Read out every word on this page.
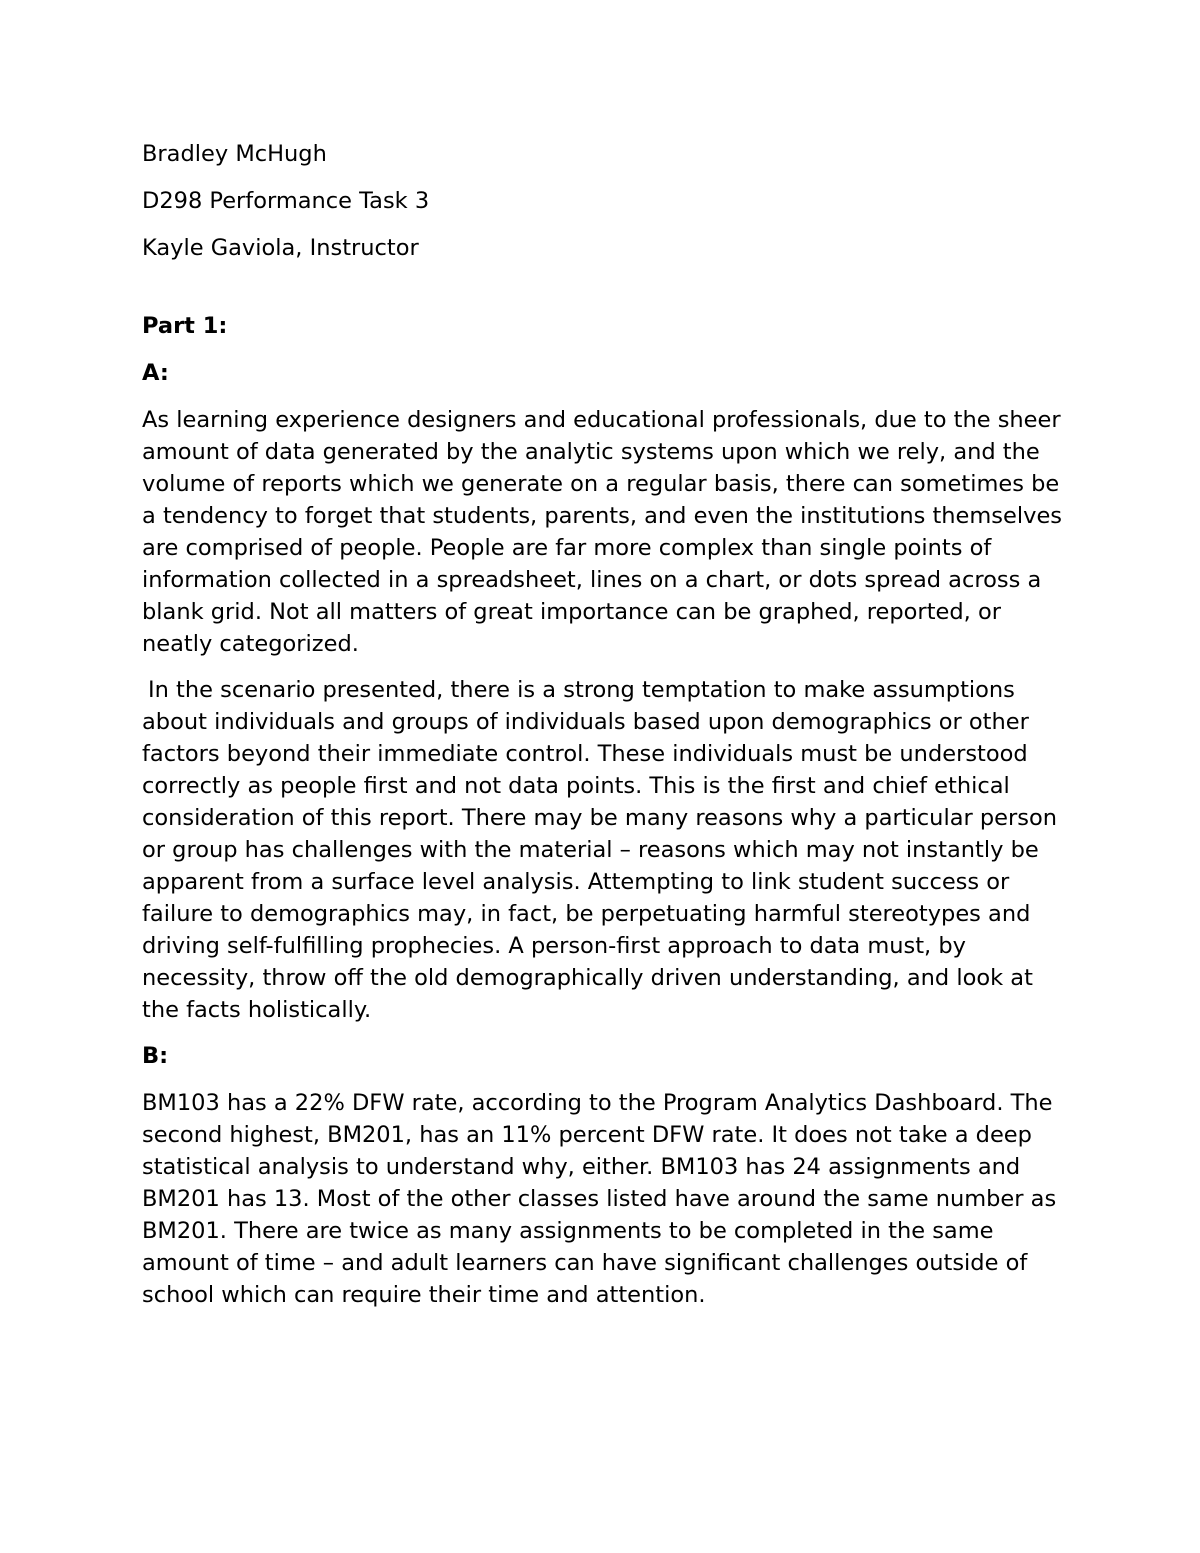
Bradley McHugh

D298 Performance Task 3

Kayle Gaviola, Instructor

Part 1:

A:

As learning experience designers and educational professionals, due to the sheer amount of data generated by the analytic systems upon which we rely, and the volume of reports which we generate on a regular basis, there can sometimes be a tendency to forget that students, parents, and even the institutions themselves are comprised of people. People are far more complex than single points of information collected in a spreadsheet, lines on a chart, or dots spread across a blank grid. Not all matters of great importance can be graphed, reported, or neatly categorized.

In the scenario presented, there is a strong temptation to make assumptions about individuals and groups of individuals based upon demographics or other factors beyond their immediate control. These individuals must be understood correctly as people first and not data points. This is the first and chief ethical consideration of this report. There may be many reasons why a particular person or group has challenges with the material – reasons which may not instantly be apparent from a surface level analysis. Attempting to link student success or failure to demographics may, in fact, be perpetuating harmful stereotypes and driving self-fulfilling prophecies. A person-first approach to data must, by necessity, throw off the old demographically driven understanding, and look at the facts holistically.

B:

BM103 has a 22% DFW rate, according to the Program Analytics Dashboard. The second highest, BM201, has an 11% percent DFW rate. It does not take a deep statistical analysis to understand why, either. BM103 has 24 assignments and BM201 has 13. Most of the other classes listed have around the same number as BM201. There are twice as many assignments to be completed in the same amount of time – and adult learners can have significant challenges outside of school which can require their time and attention.
